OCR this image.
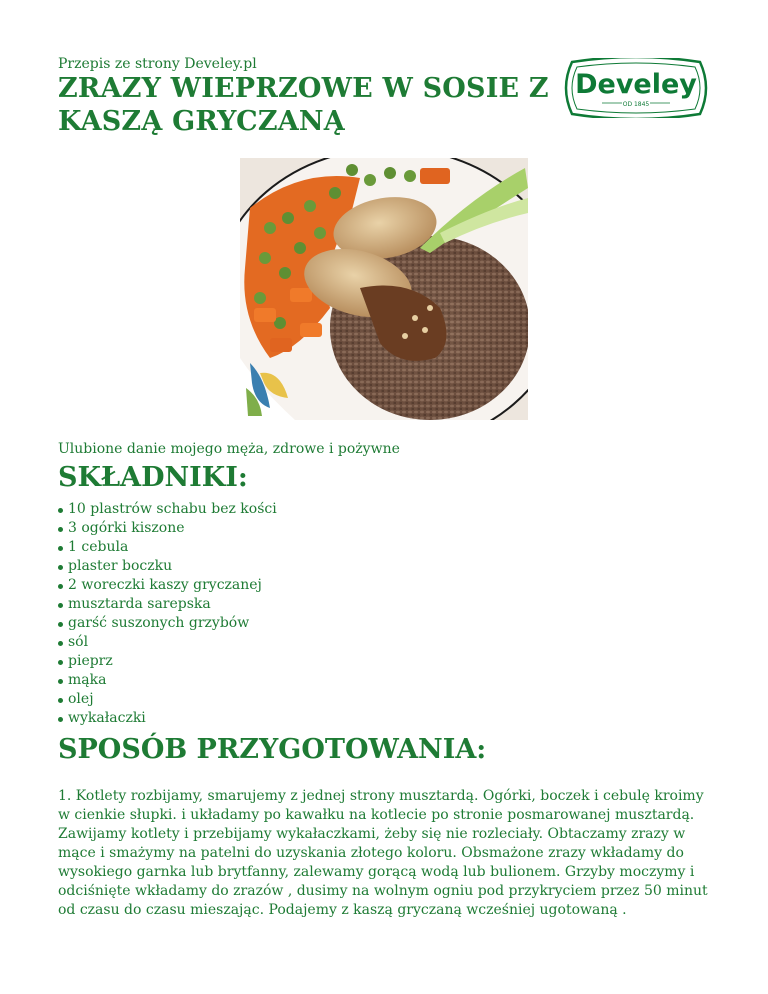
Przepis ze strony Develey.pl
ZRAZY WIEPRZOWE W SOSIE Z KASZĄ GRYCZANĄ
Develey
OD 1845
Ulubione danie mojego męża, zdrowe i pożywne
SKŁADNIKI:
10 plastrów schabu bez kości
3 ogórki kiszone
1 cebula
plaster boczku
2 woreczki kaszy gryczanej
musztarda sarepska
garść suszonych grzybów
sól
pieprz
mąka
olej
wykałaczki
SPOSÓB PRZYGOTOWANIA:

1. Kotlety rozbijamy, smarujemy z jednej strony musztardą. Ogórki, boczek i cebulę kroimy w cienkie słupki. i układamy po kawałku na kotlecie po stronie posmarowanej musztardą. Zawijamy kotlety i przebijamy wykałaczkami, żeby się nie rozleciały. Obtaczamy zrazy w mące i smażymy na patelni do uzyskania złotego koloru. Obsmażone zrazy wkładamy do wysokiego garnka lub brytfanny, zalewamy gorącą wodą lub bulionem. Grzyby moczymy i odciśnięte wkładamy do zrazów , dusimy na wolnym ogniu pod przykryciem przez 50 minut od czasu do czasu mieszając. Podajemy z kaszą gryczaną wcześniej ugotowaną .
